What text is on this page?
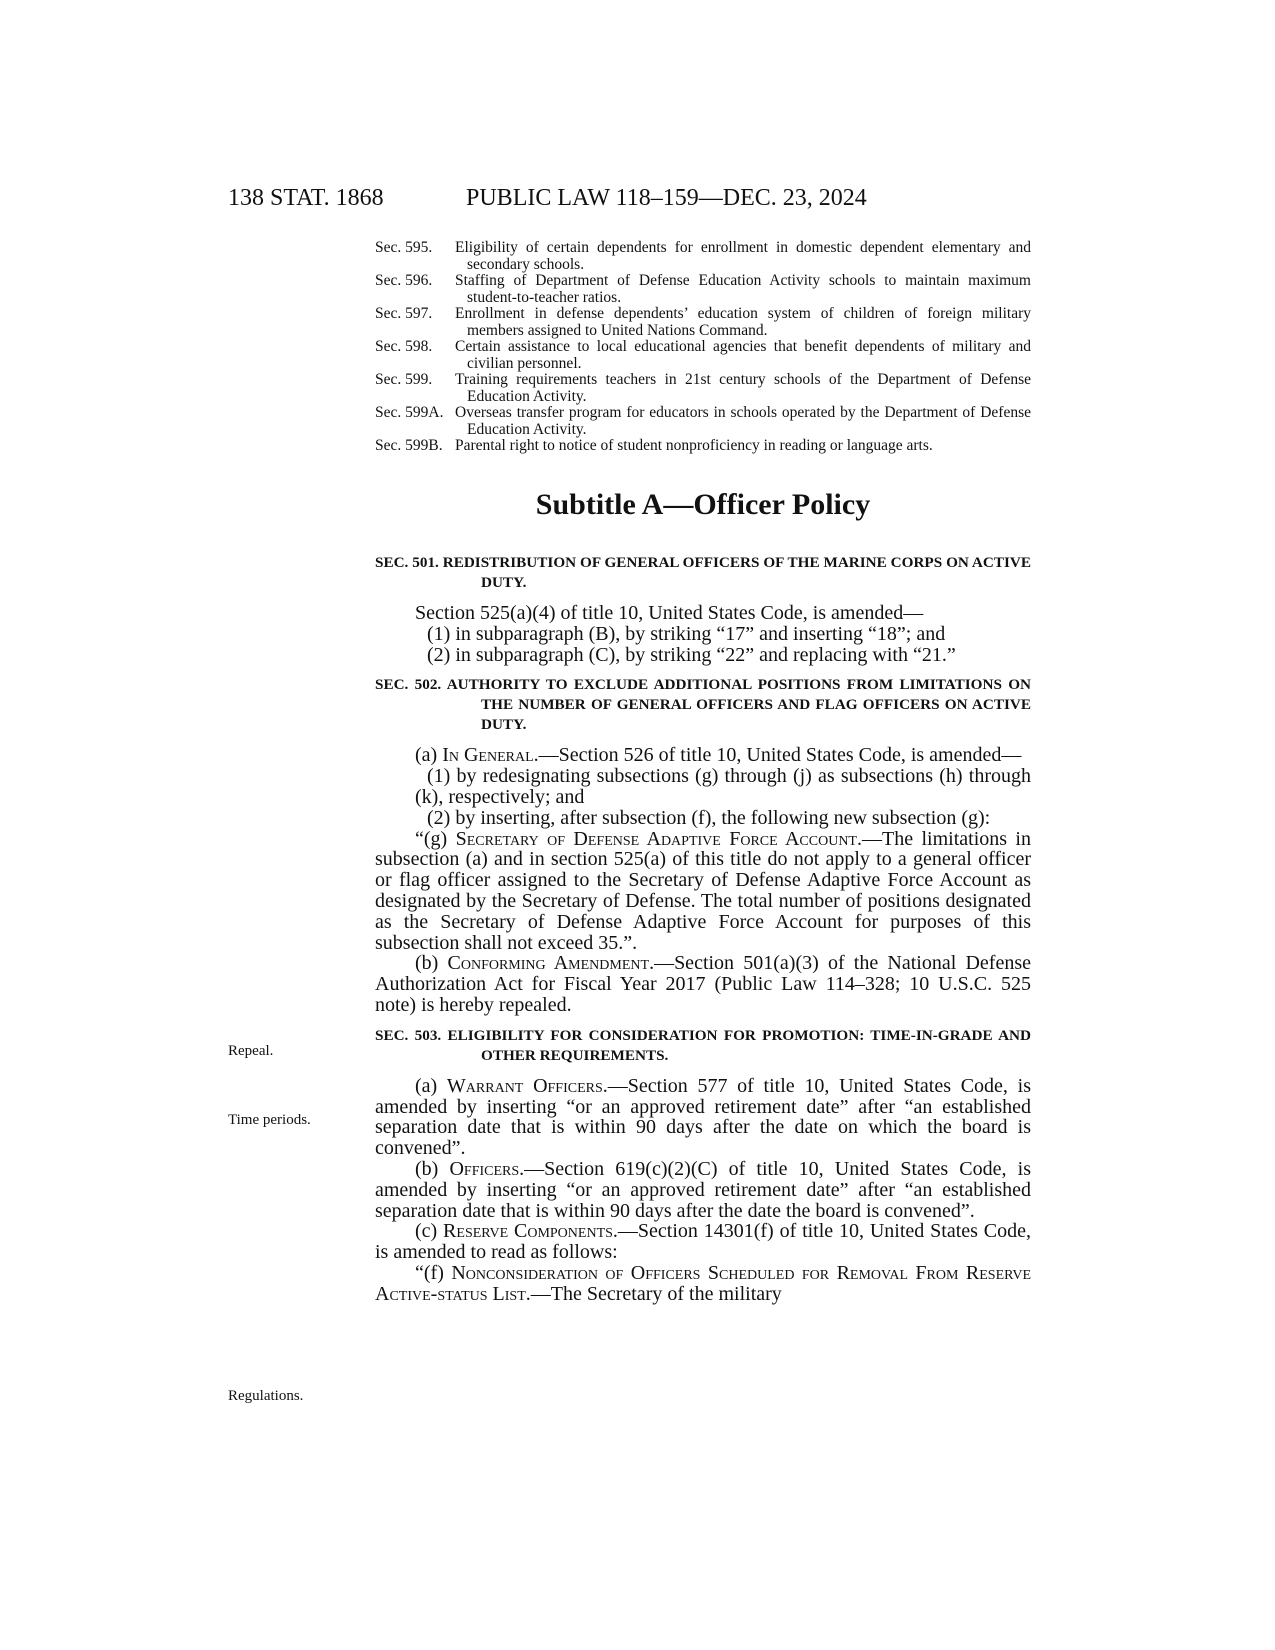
138 STAT. 1868	PUBLIC LAW 118–159—DEC. 23, 2024

Sec. 595. Eligibility of certain dependents for enrollment in domestic dependent elementary and secondary schools.

Sec. 596. Staffing of Department of Defense Education Activity schools to maintain maximum student-to-teacher ratios.

Sec. 597. Enrollment in defense dependents’ education system of children of foreign military members assigned to United Nations Command.

Sec. 598. Certain assistance to local educational agencies that benefit dependents of military and civilian personnel.

Sec. 599. Training requirements teachers in 21st century schools of the Department of Defense Education Activity.

Sec. 599A. Overseas transfer program for educators in schools operated by the Department of Defense Education Activity.

Sec. 599B. Parental right to notice of student nonproficiency in reading or language arts.

Subtitle A—Officer Policy

SEC. 501. REDISTRIBUTION OF GENERAL OFFICERS OF THE MARINE CORPS ON ACTIVE DUTY.

Section 525(a)(4) of title 10, United States Code, is amended—

(1) in subparagraph (B), by striking “17” and inserting “18”; and

(2) in subparagraph (C), by striking “22” and replacing with “21.”

SEC. 502. AUTHORITY TO EXCLUDE ADDITIONAL POSITIONS FROM LIMITATIONS ON THE NUMBER OF GENERAL OFFICERS AND FLAG OFFICERS ON ACTIVE DUTY.

(a) In General.—Section 526 of title 10, United States Code, is amended—

(1) by redesignating subsections (g) through (j) as subsections (h) through (k), respectively; and

(2) by inserting, after subsection (f), the following new subsection (g):

“(g) Secretary of Defense Adaptive Force Account.—The limitations in subsection (a) and in section 525(a) of this title do not apply to a general officer or flag officer assigned to the Secretary of Defense Adaptive Force Account as designated by the Secretary of Defense. The total number of positions designated as the Secretary of Defense Adaptive Force Account for purposes of this subsection shall not exceed 35.”.

(b) Conforming Amendment.—Section 501(a)(3) of the National Defense Authorization Act for Fiscal Year 2017 (Public Law 114–328; 10 U.S.C. 525 note) is hereby repealed.

SEC. 503. ELIGIBILITY FOR CONSIDERATION FOR PROMOTION: TIME-IN-GRADE AND OTHER REQUIREMENTS.

(a) Warrant Officers.—Section 577 of title 10, United States Code, is amended by inserting “or an approved retirement date” after “an established separation date that is within 90 days after the date on which the board is convened”.

(b) Officers.—Section 619(c)(2)(C) of title 10, United States Code, is amended by inserting “or an approved retirement date” after “an established separation date that is within 90 days after the date the board is convened”.

(c) Reserve Components.—Section 14301(f) of title 10, United States Code, is amended to read as follows:

“(f) Nonconsideration of Officers Scheduled for Removal From Reserve Active-status List.—The Secretary of the military

Repeal.
Time periods.
Regulations.
